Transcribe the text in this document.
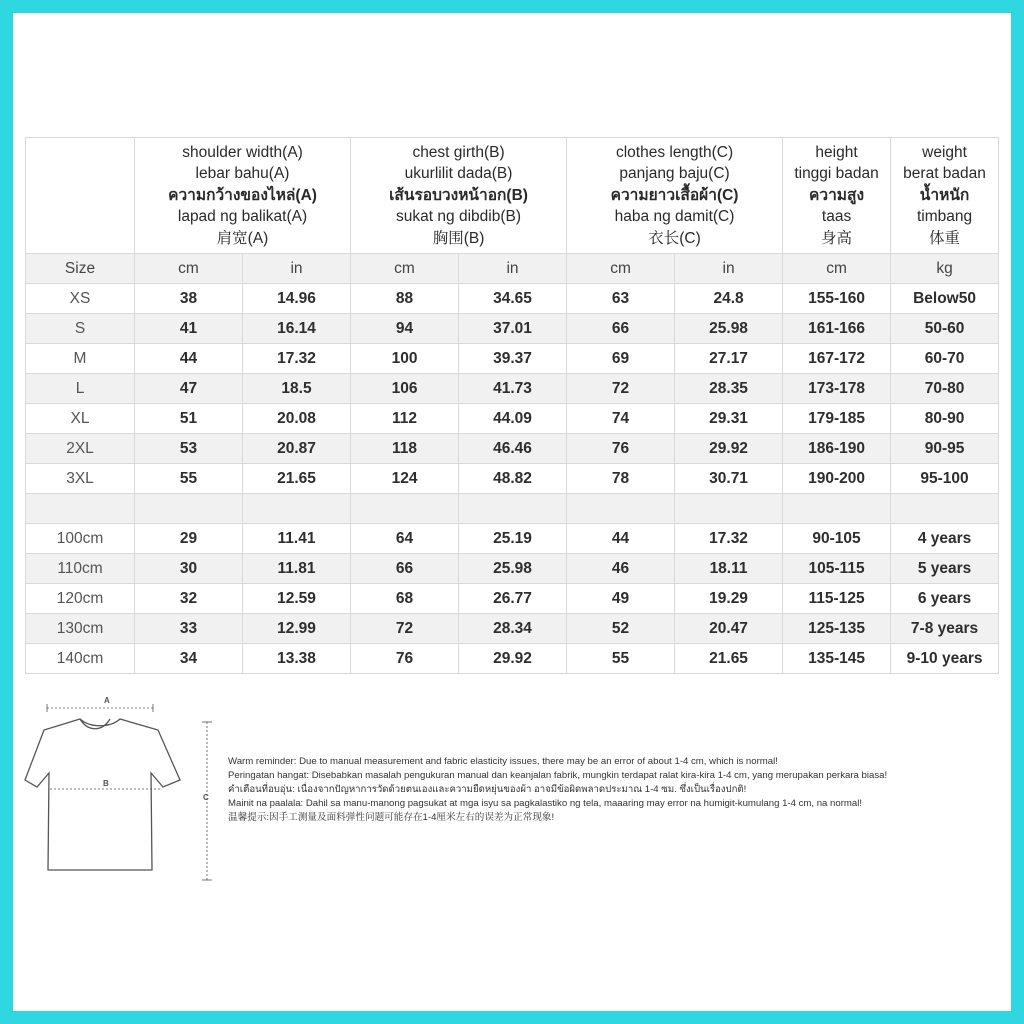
	shoulder width(A)
lebar bahu(A)
ความกว้างของไหล่(A)
lapad ng balikat(A)
肩宽(A)		chest girth(B)
ukurlilit dada(B)
เส้นรอบวงหน้าอก(B)
sukat ng dibdib(B)
胸围(B)		clothes length(C)
panjang baju(C)
ความยาวเสื้อผ้า(C)
haba ng damit(C)
衣长(C)		height
tinggi badan
ความสูง
taas
身高	weight
berat badan
น้ำหนัก
timbang
体重

Size	cm	in	cm	in	cm	in	cm	kg
XS	38	14.96	88	34.65	63	24.8	155-160	Below50
S	41	16.14	94	37.01	66	25.98	161-166	50-60
M	44	17.32	100	39.37	69	27.17	167-172	60-70
L	47	18.5	106	41.73	72	28.35	173-178	70-80
XL	51	20.08	112	44.09	74	29.31	179-185	80-90
2XL	53	20.87	118	46.46	76	29.92	186-190	90-95
3XL	55	21.65	124	48.82	78	30.71	190-200	95-100

100cm	29	11.41	64	25.19	44	17.32	90-105	4 years
110cm	30	11.81	66	25.98	46	18.11	105-115	5 years
120cm	32	12.59	68	26.77	49	19.29	115-125	6 years
130cm	33	12.99	72	28.34	52	20.47	125-135	7-8 years
140cm	34	13.38	76	29.92	55	21.65	135-145	9-10 years
A
B
C
Warm reminder: Due to manual measurement and fabric elasticity issues, there may be an error of about 1-4 cm, which is normal!
Peringatan hangat: Disebabkan masalah pengukuran manual dan keanjalan fabrik, mungkin terdapat ralat kira-kira 1-4 cm, yang merupakan perkara biasa!
คำเตือนที่อบอุ่น: เนื่องจากปัญหาการวัดด้วยตนเองและความยืดหยุ่นของผ้า อาจมีข้อผิดพลาดประมาณ 1-4 ซม. ซึ่งเป็นเรื่องปกติ!
Mainit na paalala: Dahil sa manu-manong pagsukat at mga isyu sa pagkalastiko ng tela, maaaring may error na humigit-kumulang 1-4 cm, na normal!
温馨提示:因手工测量及面料弹性问题可能存在1-4厘米左右的误差为正常现象!
